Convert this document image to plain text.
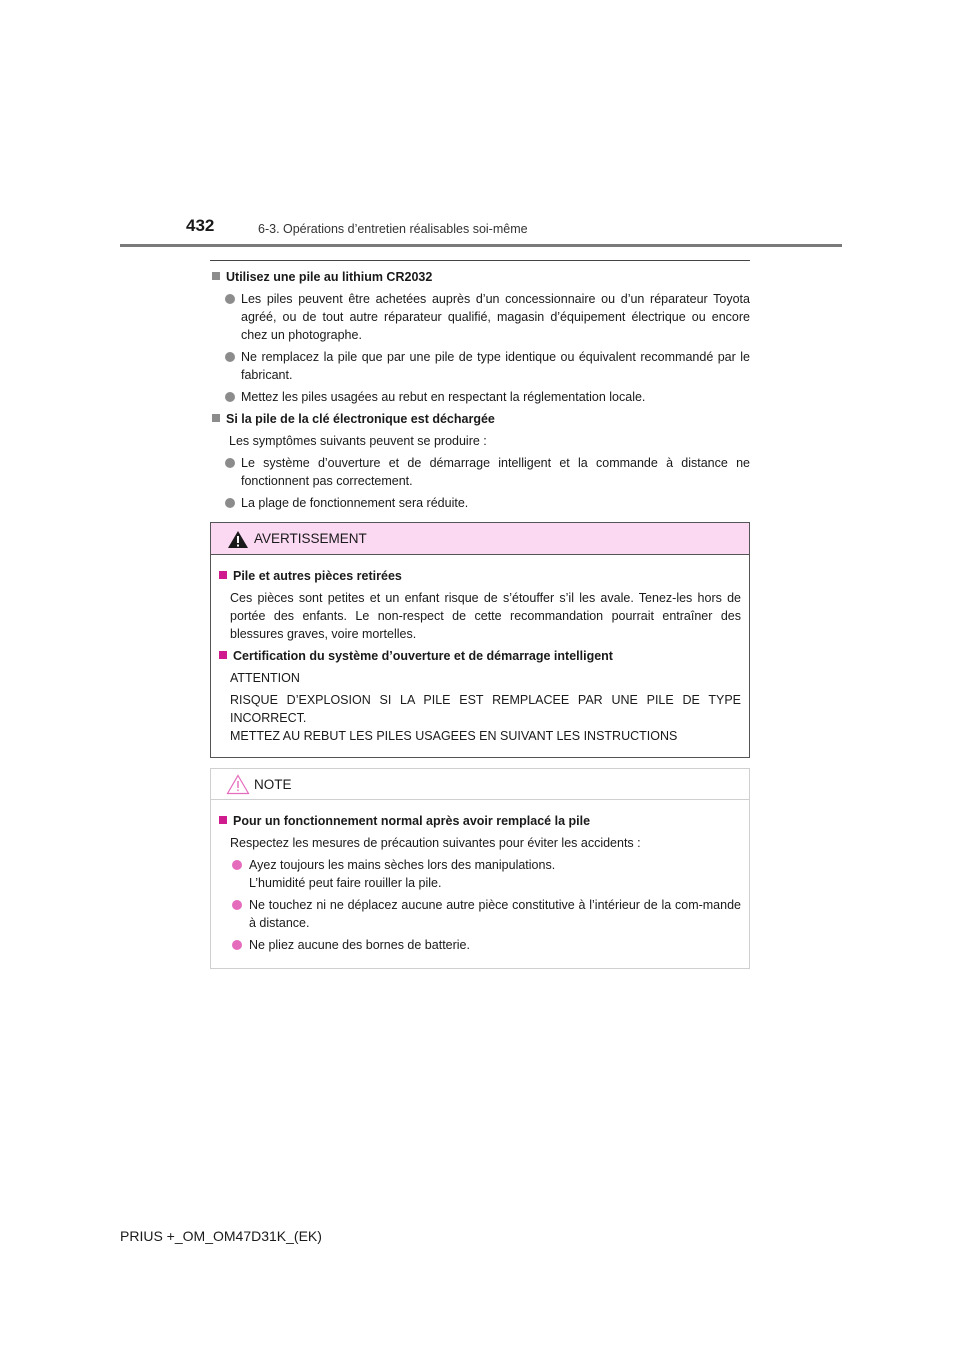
432	6-3. Opérations d’entretien réalisables soi-même
Utilisez une pile au lithium CR2032
Les piles peuvent être achetées auprès d’un concessionnaire ou d’un réparateur Toyota agréé, ou de tout autre réparateur qualifié, magasin d’équipement électrique ou encore chez un photographe.
Ne remplacez la pile que par une pile de type identique ou équivalent recommandé par le fabricant.
Mettez les piles usagées au rebut en respectant la réglementation locale.
Si la pile de la clé électronique est déchargée
Les symptômes suivants peuvent se produire :
Le système d’ouverture et de démarrage intelligent et la commande à distance ne fonctionnent pas correctement.
La plage de fonctionnement sera réduite.
AVERTISSEMENT
Pile et autres pièces retirées
Ces pièces sont petites et un enfant risque de s’étouffer s’il les avale. Tenez-les hors de portée des enfants. Le non-respect de cette recommandation pourrait entraîner des blessures graves, voire mortelles.
Certification du système d’ouverture et de démarrage intelligent
ATTENTION
RISQUE D’EXPLOSION SI LA PILE EST REMPLACEE PAR UNE PILE DE TYPE INCORRECT.
METTEZ AU REBUT LES PILES USAGEES EN SUIVANT LES INSTRUCTIONS
NOTE
Pour un fonctionnement normal après avoir remplacé la pile
Respectez les mesures de précaution suivantes pour éviter les accidents :
Ayez toujours les mains sèches lors des manipulations.
L’humidité peut faire rouiller la pile.
Ne touchez ni ne déplacez aucune autre pièce constitutive à l’intérieur de la com-mande à distance.
Ne pliez aucune des bornes de batterie.
PRIUS +_OM_OM47D31K_(EK)
